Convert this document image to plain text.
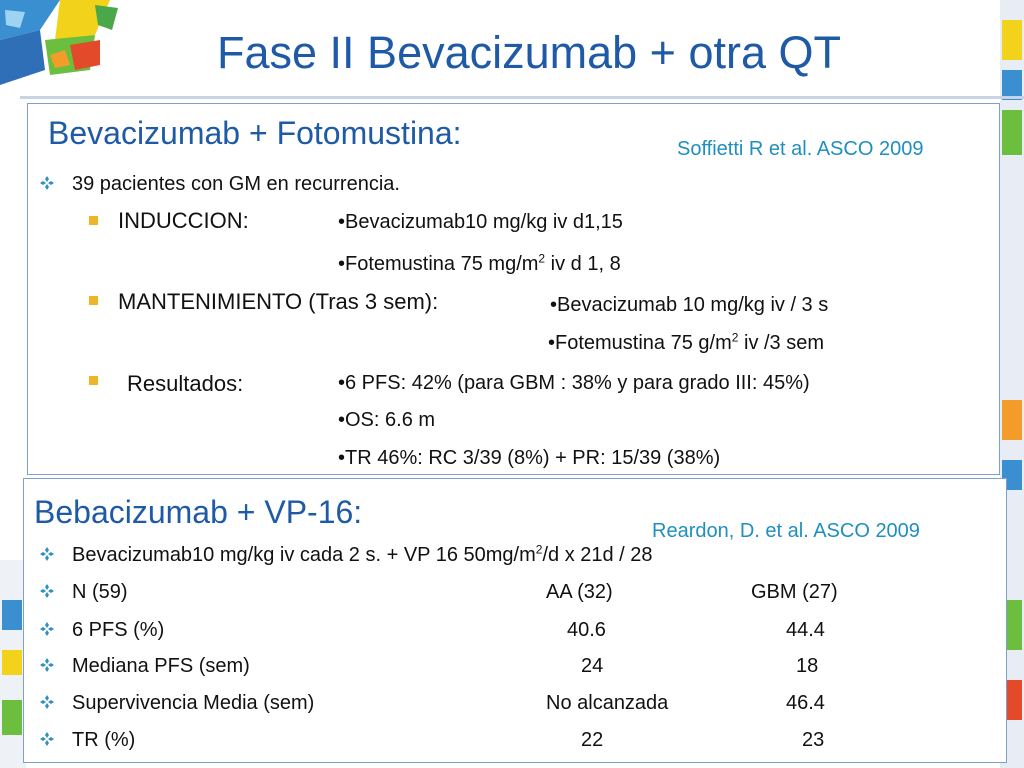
Fase II Bevacizumab + otra QT
Bevacizumab + Fotomustina:	Soffietti R et al. ASCO 2009
39 pacientes con GM en recurrencia.
INDUCCION:	•Bevacizumab10 mg/kg iv d1,15
•Fotemustina 75 $mg/m^2$ iv d 1, 8
MANTENIMIENTO (Tras 3 sem):	•Bevacizumab 10 mg/kg iv / 3 s
•Fotemustina 75 $g/m^2$ iv /3 sem
Resultados:	•6 PFS: 42% (para GBM : 38% y para grado III: 45%)
•OS: 6.6 m
•TR 46%: RC 3/39 (8%) + PR: 15/39 (38%)
Bebacizumab + VP-16:
Reardon, D. et al. ASCO 2009
Bevacizumab10 mg/kg iv cada 2 s. + VP 16 $50mg/m^2/d$ x 21d / 28
N (59)	AA (32)	GBM (27)
6 PFS (%)	40.6	44.4
Mediana PFS (sem)	24	18
Supervivencia Media (sem)	No alcanzada	46.4
TR (%)	22	23
